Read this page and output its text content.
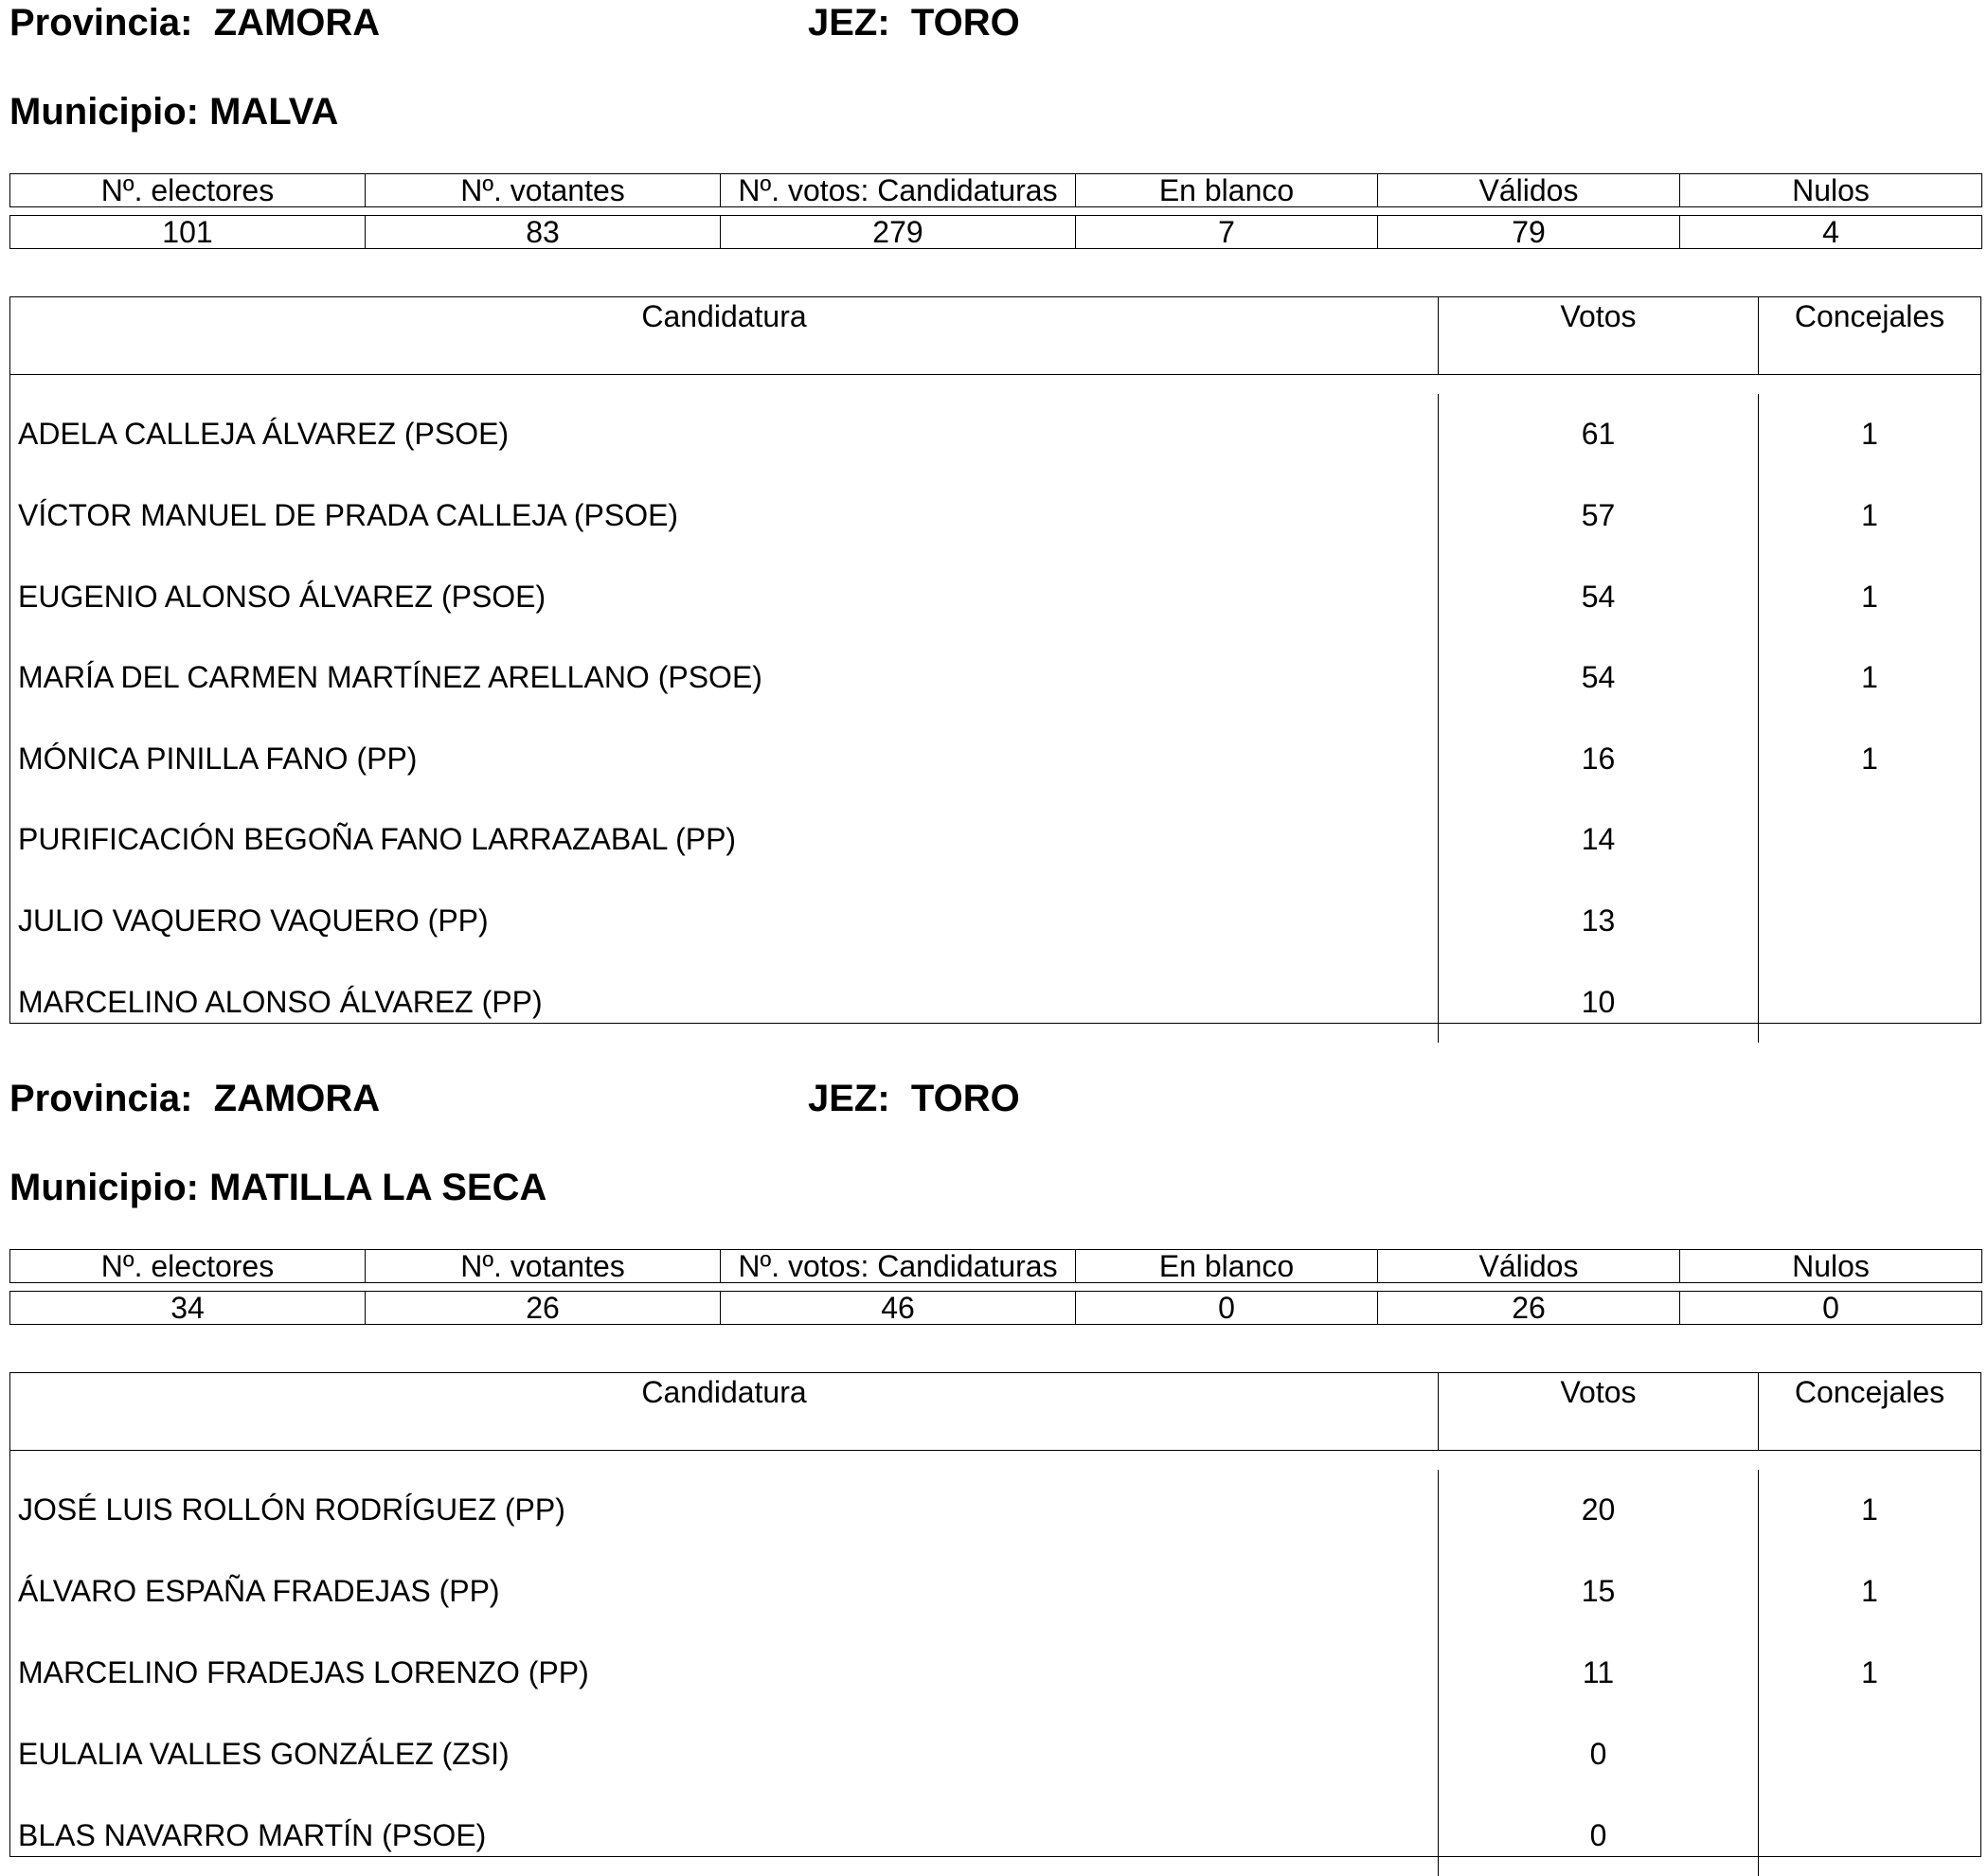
Provincia: ZAMORA	JEZ: TORO
Municipio: MALVA
Nº. electores	Nº. votantes	Nº. votos: Candidaturas	En blanco	Válidos	Nulos

101	83	279	7	79	4
Candidatura	Votos	Concejales
ADELA CALLEJA ÁLVAREZ (PSOE)	61	1
VÍCTOR MANUEL DE PRADA CALLEJA (PSOE)	57	1
EUGENIO ALONSO ÁLVAREZ (PSOE)	54	1
MARÍA DEL CARMEN MARTÍNEZ ARELLANO (PSOE)	54	1
MÓNICA PINILLA FANO (PP)	16	1
PURIFICACIÓN BEGOÑA FANO LARRAZABAL (PP)	14
JULIO VAQUERO VAQUERO (PP)	13
MARCELINO ALONSO ÁLVAREZ (PP)	10
Provincia: ZAMORA	JEZ: TORO
Municipio: MATILLA LA SECA
Nº. electores	Nº. votantes	Nº. votos: Candidaturas	En blanco	Válidos	Nulos

34	26	46	0	26	0
Candidatura	Votos	Concejales
JOSÉ LUIS ROLLÓN RODRÍGUEZ (PP)	20	1
ÁLVARO ESPAÑA FRADEJAS (PP)	15	1
MARCELINO FRADEJAS LORENZO (PP)	11	1
EULALIA VALLES GONZÁLEZ (ZSI)	0
BLAS NAVARRO MARTÍN (PSOE)	0
